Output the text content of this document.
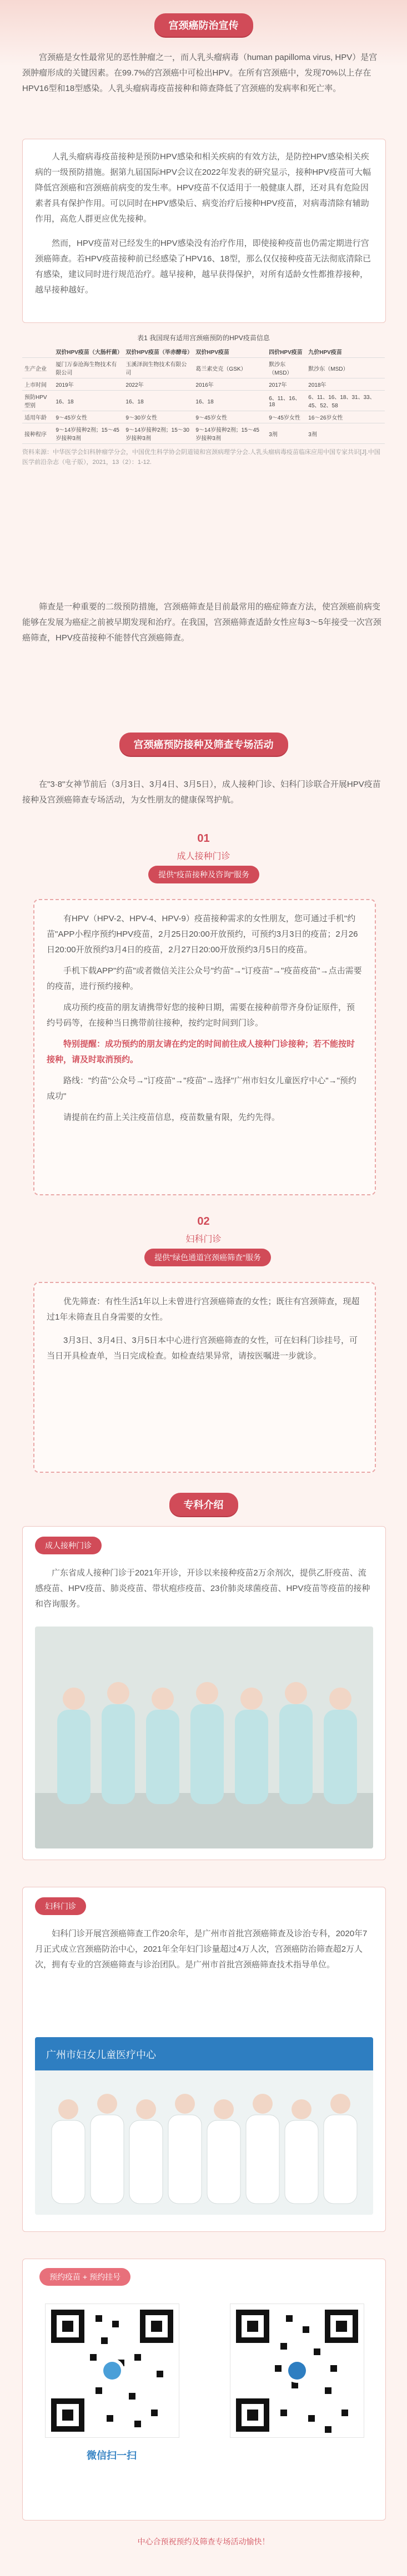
宫颈癌防治宣传

宫颈癌是女性最常见的恶性肿瘤之一，而人乳头瘤病毒（human papilloma virus, HPV）是宫颈肿瘤形成的关键因素。在99.7%的宫颈癌中可检出HPV。在所有宫颈癌中，发现70%以上存在HPV16型和18型感染。人乳头瘤病毒疫苗接种和筛查降低了宫颈癌的发病率和死亡率。

人乳头瘤病毒疫苗接种是预防HPV感染和相关疾病的有效方法，是防控HPV感染相关疾病的一级预防措施。据第九届国际HPV会议在2022年发表的研究显示，接种HPV疫苗可大幅降低宫颈癌和宫颈癌前病变的发生率。HPV疫苗不仅适用于一般健康人群，还对具有危险因素者具有保护作用。可以同时在HPV感染后、病变治疗后接种HPV疫苗，对病毒清除有辅助作用，高危人群更应优先接种。

然而，HPV疫苗对已经发生的HPV感染没有治疗作用，即使接种疫苗也仍需定期进行宫颈癌筛查。若HPV疫苗接种前已经感染了HPV16、18型，那么仅仅接种疫苗无法彻底清除已有感染，建议同时进行规范治疗。越早接种，越早获得保护，对所有适龄女性都推荐接种，越早接种越好。

表1 我国现有适用宫颈癌预防的HPV疫苗信息
	双价HPV疫苗（大肠杆菌）	双价HPV疫苗（毕赤酵母）	双价HPV疫苗	四价HPV疫苗	九价HPV疫苗
生产企业	厦门万泰沧海生物技术有限公司	玉溪泽润生物技术有限公司	葛兰素史克（GSK）	默沙东（MSD）	默沙东（MSD）
上市时间	2019年	2022年	2016年	2017年	2018年
预防HPV型别	16、18	16、18	16、18	6、11、16、18	6、11、16、18、31、33、45、52、58
适用年龄	9～45岁女性	9～30岁女性	9～45岁女性	9～45岁女性	16～26岁女性
接种程序	9～14岁接种2剂；15～45岁接种3剂	9～14岁接种2剂；15～30岁接种3剂	9～14岁接种2剂；15～45岁接种3剂	3剂	3剂
资料来源：中华医学会妇科肿瘤学分会，中国优生科学协会阴道镜和宫颈病理学分会.人乳头瘤病毒疫苗临床应用中国专家共识[J].中国医学前沿杂志（电子版），2021，13（2）：1-12.

筛查是一种重要的二级预防措施，宫颈癌筛查是目前最常用的癌症筛查方法，使宫颈癌前病变能够在发展为癌症之前被早期发现和治疗。在我国，宫颈癌筛查适龄女性应每3～5年接受一次宫颈癌筛查，HPV疫苗接种不能替代宫颈癌筛查。

宫颈癌预防接种及筛查专场活动

在"3·8"女神节前后（3月3日、3月4日、3月5日），成人接种门诊、妇科门诊联合开展HPV疫苗接种及宫颈癌筛查专场活动，为女性朋友的健康保驾护航。

01
成人接种门诊
提供"疫苗接种及咨询"服务

有HPV（HPV-2、HPV-4、HPV-9）疫苗接种需求的女性朋友，您可通过手机"约苗"APP小程序预约HPV疫苗，2月25日20:00开放预约，可预约3月3日的疫苗；2月26日20:00开放预约3月4日的疫苗，2月27日20:00开放预约3月5日的疫苗。

手机下载APP"约苗"或者微信关注公众号"约苗"→"订疫苗"→"疫苗疫苗"→点击需要的疫苗，进行预约接种。

成功预约疫苗的朋友请携带好您的接种日期，需要在接种前带齐身份证原件，预约号码等，在接种当日携带前往接种，按约定时间到门诊。

特别提醒：成功预约的朋友请在约定的时间前往成人接种门诊接种；若不能按时接种，请及时取消预约。

路线："约苗"公众号→"订疫苗"→"疫苗"→选择"广州市妇女儿童医疗中心"→"预约成功"

请提前在约苗上关注疫苗信息，疫苗数量有限，先约先得。

02
妇科门诊
提供"绿色通道宫颈癌筛查"服务

优先筛查：有性生活1年以上未曾进行宫颈癌筛查的女性；既往有宫颈筛查，现超过1年未筛查且自身需要的女性。

3月3日、3月4日、3月5日本中心进行宫颈癌筛查的女性，可在妇科门诊挂号，可当日开具检查单，当日完成检查。如检查结果异常，请按医嘱进一步就诊。

专科介绍
成人接种门诊

广东省成人接种门诊于2021年开诊，开诊以来接种疫苗2万余剂次，提供乙肝疫苗、流感疫苗、HPV疫苗、肺炎疫苗、带状疱疹疫苗、23价肺炎球菌疫苗、HPV疫苗等疫苗的接种和咨询服务。

妇科门诊

妇科门诊开展宫颈癌筛查工作20余年，是广州市首批宫颈癌筛查及诊治专科，2020年7月正式成立宫颈癌防治中心，2021年全年妇门诊量超过4万人次，宫颈癌防治筛查超2万人次，拥有专业的宫颈癌筛查与诊治团队。是广州市首批宫颈癌筛查技术指导单位。

广州市妇女儿童医疗中心
预约疫苗 + 预约挂号
微信扫一扫
中心合预祝预约及筛查专场活动愉快！
